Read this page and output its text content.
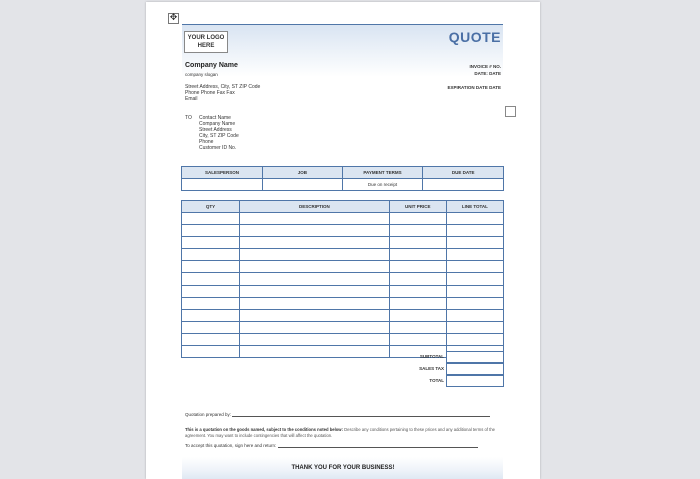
✥
YOUR LOGO
HERE
QUOTE
INVOICE # NO.
DATE: DATE
EXPIRATION DATE DATE
Company Name
company slogan
Street Address, City, ST ZIP Code
Phone Phone Fax Fax
Email
TO Contact Name
Company Name
Street Address
City, ST ZIP Code
Phone
Customer ID No.
SALESPERSON	JOB	PAYMENT TERMS	DUE DATE
		Due on receipt	
QTY	DESCRIPTION	UNIT PRICE	LINE TOTAL

SUBTOTAL
SALES TAX
TOTAL
Quotation prepared by:
This is a quotation on the goods named, subject to the conditions noted below: Describe any conditions pertaining to these prices and any additional terms of the agreement. You may want to include contingencies that will affect the quotation.
To accept this quotation, sign here and return:
THANK YOU FOR YOUR BUSINESS!
